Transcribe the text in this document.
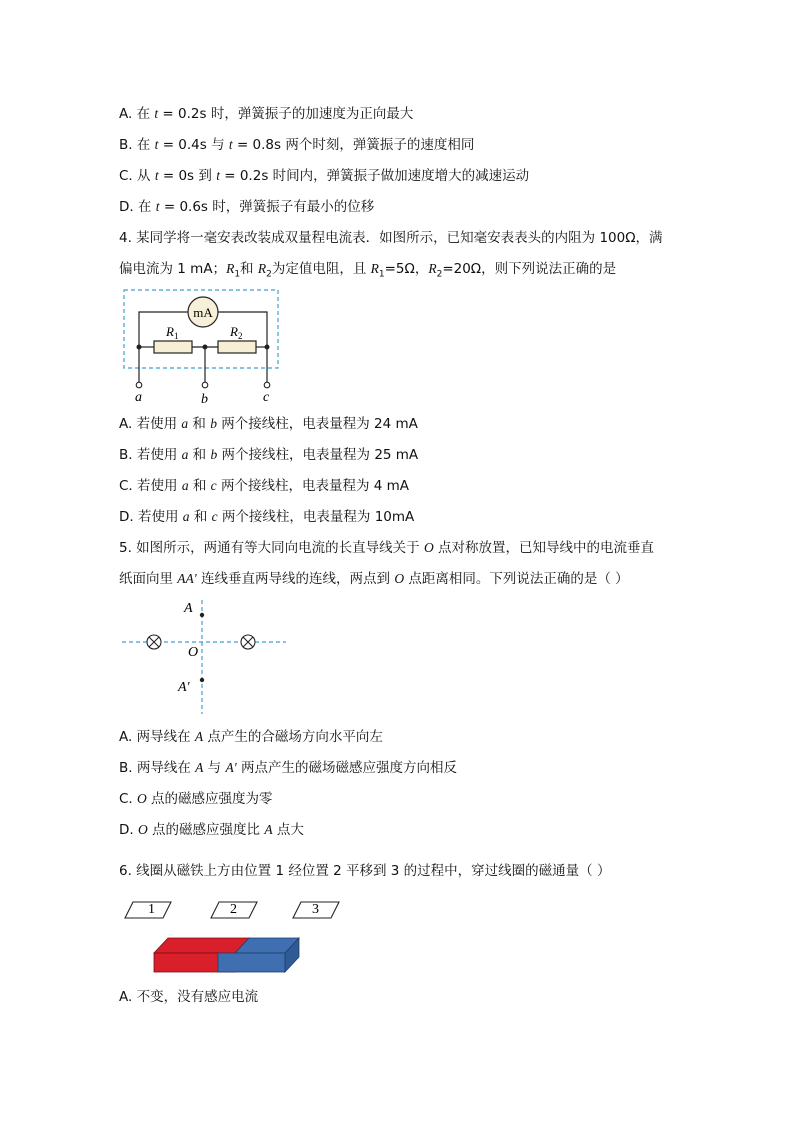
A. 在 t = 0.2s 时，弹簧振子的加速度为正向最大
B. 在 t = 0.4s 与 t = 0.8s 两个时刻，弹簧振子的速度相同
C. 从 t = 0s 到 t = 0.2s 时间内，弹簧振子做加速度增大的减速运动
D. 在 t = 0.6s 时，弹簧振子有最小的位移
4. 某同学将一毫安表改装成双量程电流表．如图所示，已知毫安表表头的内阻为 100Ω，满
偏电流为 1 mA；$R_1$和 $R_2$为定值电阻，且 $R_1=5\Omega$，$R_2=20\Omega$，则下列说法正确的是
mA
$R_1$	$R_2$
a	b	c
A. 若使用 a 和 b 两个接线柱，电表量程为 24 mA
B. 若使用 a 和 b 两个接线柱，电表量程为 25 mA
C. 若使用 a 和 c 两个接线柱，电表量程为 4 mA
D. 若使用 a 和 c 两个接线柱，电表量程为 10mA
5. 如图所示，两通有等大同向电流的长直导线关于 O 点对称放置，已知导线中的电流垂直
纸面向里 AA′ 连线垂直两导线的连线，两点到 O 点距离相同。下列说法正确的是（ ）
A
O
A′
A. 两导线在 A 点产生的合磁场方向水平向左
B. 两导线在 A 与 A′ 两点产生的磁场磁感应强度方向相反
C. O 点的磁感应强度为零
D. O 点的磁感应强度比 A 点大
6. 线圈从磁铁上方由位置 1 经位置 2 平移到 3 的过程中，穿过线圈的磁通量（ ）
1	2	3
A. 不变，没有感应电流
